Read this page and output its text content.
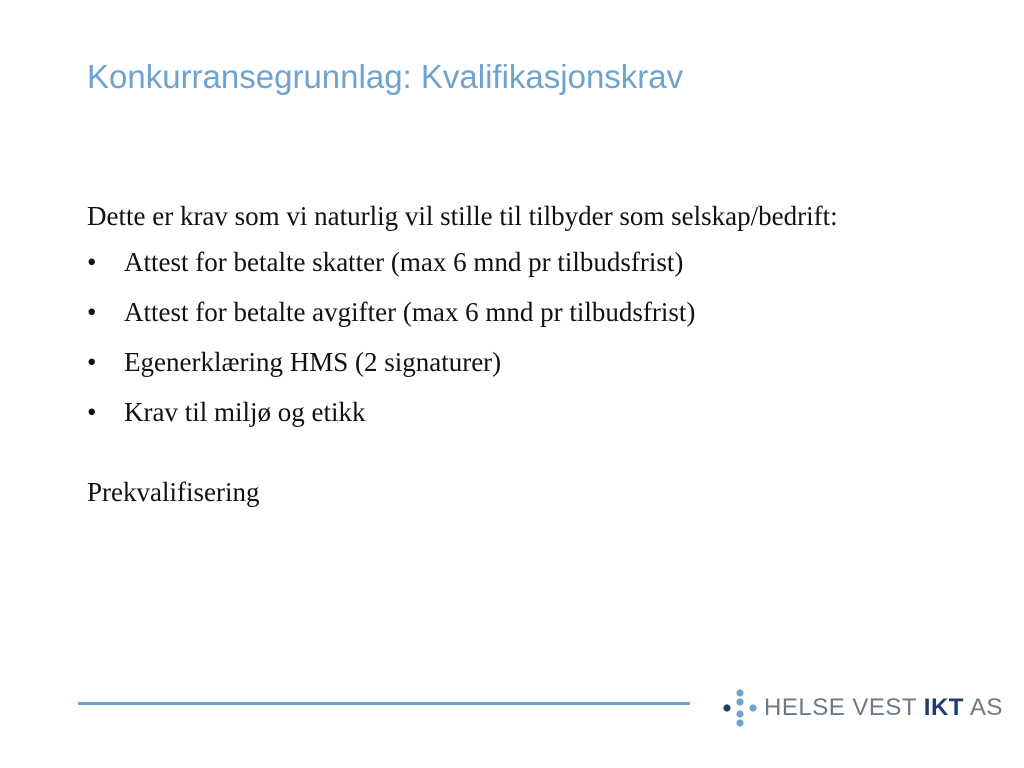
Konkurransegrunnlag: Kvalifikasjonskrav

Dette er krav som vi naturlig vil stille til tilbyder som selskap/bedrift:

• Attest for betalte skatter (max 6 mnd pr tilbudsfrist)
• Attest for betalte avgifter (max 6 mnd pr tilbudsfrist)
• Egenerklæring HMS (2 signaturer)
• Krav til miljø og etikk

Prekvalifisering

HELSE VEST IKT AS
